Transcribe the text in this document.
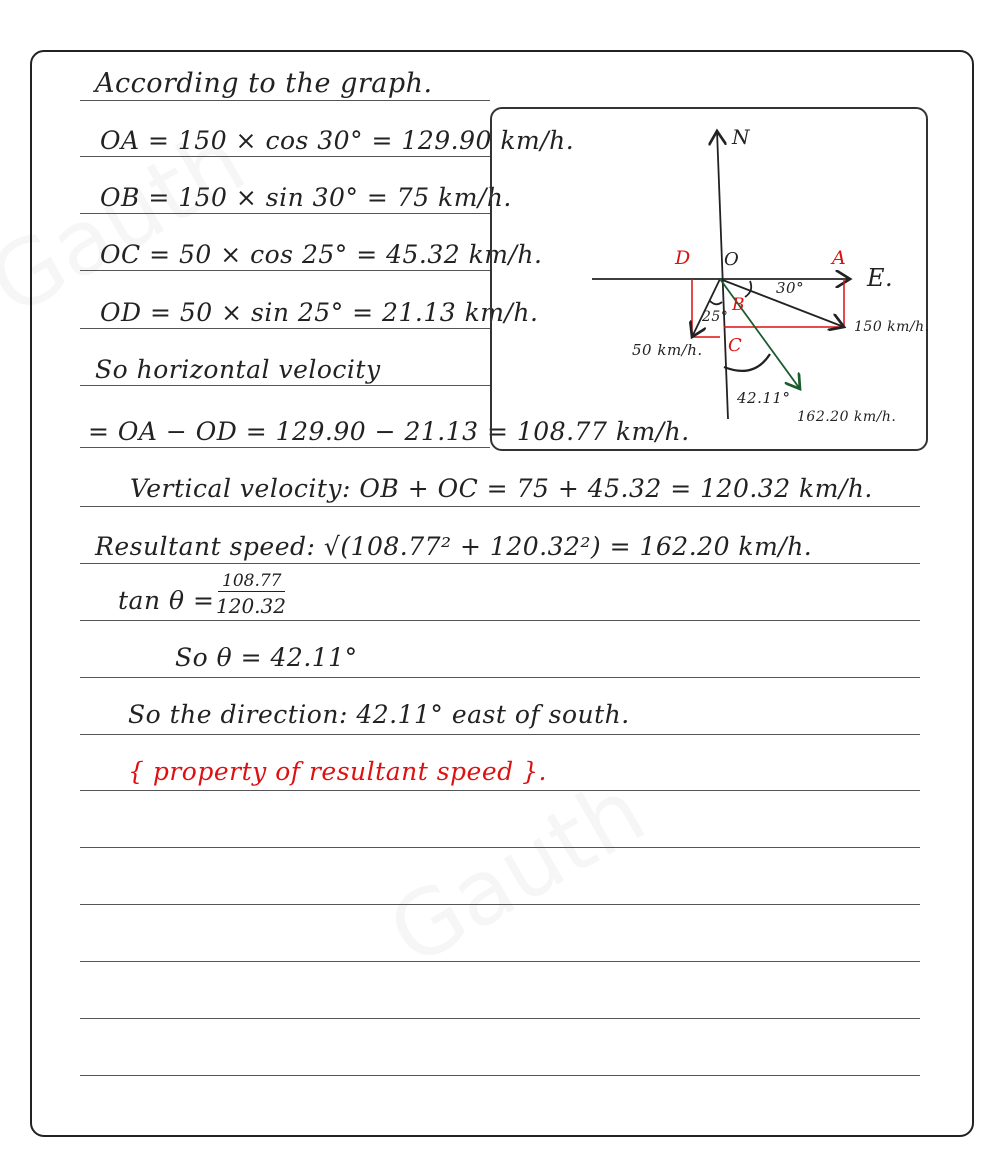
According to the graph.
OA = 150 × cos 30° = 129.90 km/h.
OB = 150 × sin 30° = 75 km/h.
OC = 50 × cos 25° = 45.32 km/h.
OD = 50 × sin 25° = 21.13 km/h.
So horizontal velocity
= OA − OD = 129.90 − 21.13 = 108.77 km/h.
Vertical velocity: OB + OC = 75 + 45.32 = 120.32 km/h.
Resultant speed: √(108.77² + 120.32²) = 162.20 km/h.
tan θ =
108.77
120.32
So θ = 42.11°
So the direction: 42.11° east of south.
{ property of resultant speed }.
N
E.
D O	A
B
C
30°
25°
42.11°
150 km/h.
50 km/h.
162.20 km/h.
